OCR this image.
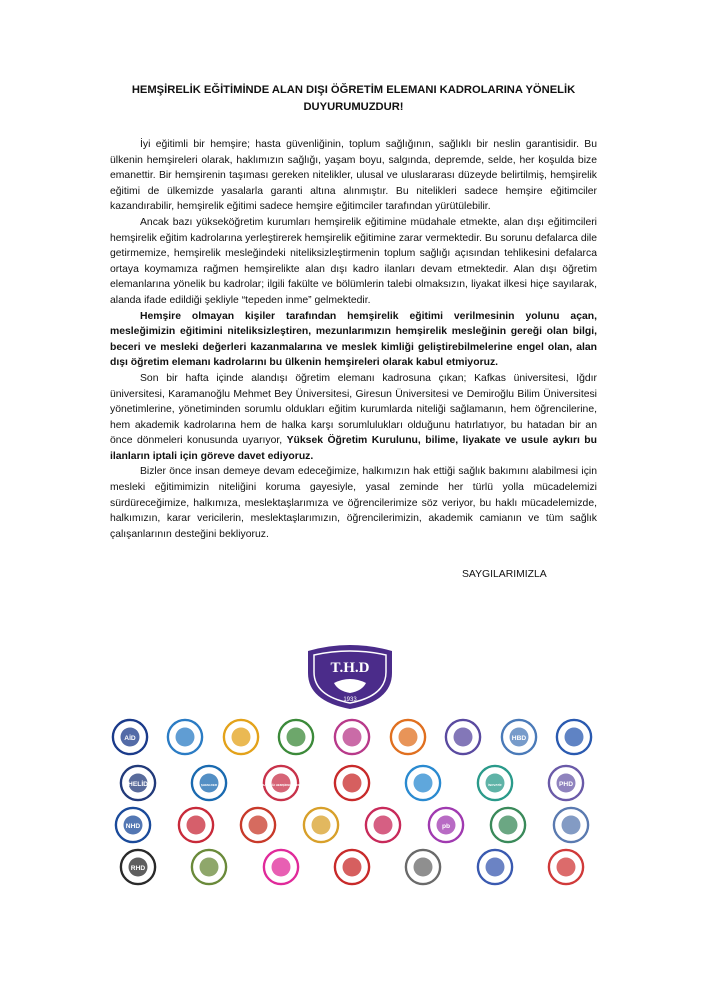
HEMŞİRELİK EĞİTİMİNDE ALAN DIŞI ÖĞRETİM ELEMANI KADROLARINA YÖNELİK
DUYURUMUZDUR!

İyi eğitimli bir hemşire; hasta güvenliğinin, toplum sağlığının, sağlıklı bir neslin garantisidir. Bu ülkenin hemşireleri olarak, haklımızın sağlığı, yaşam boyu, salgında, depremde, selde, her koşulda bize emanettir. Bir hemşirenin taşıması gereken nitelikler, ulusal ve uluslararası düzeyde belirtilmiş, hemşirelik eğitimi de ülkemizde yasalarla garanti altına alınmıştır. Bu nitelikleri sadece hemşire eğitimciler kazandırabilir, hemşirelik eğitimi sadece hemşire eğitimciler tarafından yürütülebilir.

Ancak bazı yükseköğretim kurumları hemşirelik eğitimine müdahale etmekte, alan dışı eğitimcileri hemşirelik eğitim kadrolarına yerleştirerek hemşirelik eğitimine zarar vermektedir. Bu sorunu defalarca dile getirmemize, hemşirelik mesleğindeki niteliksizleştirmenin toplum sağlığı açısından tehlikesini defalarca ortaya koymamıza rağmen hemşirelikte alan dışı kadro ilanları devam etmektedir. Alan dışı öğretim elemanlarına yönelik bu kadrolar; ilgili fakülte ve bölümlerin talebi olmaksızın, liyakat ilkesi hiçe sayılarak, alanda ifade edildiği şekliyle “tepeden inme” gelmektedir.

Hemşire olmayan kişiler tarafından hemşirelik eğitimi verilmesinin yolunu açan, mesleğimizin eğitimini niteliksizleştiren, mezunlarımızın hemşirelik mesleğinin gereği olan bilgi, beceri ve mesleki değerleri kazanmalarına ve meslek kimliği geliştirebilmelerine engel olan, alan dışı öğretim elemanı kadrolarını bu ülkenin hemşireleri olarak kabul etmiyoruz.

Son bir hafta içinde alandışı öğretim elemanı kadrosuna çıkan; Kafkas üniversitesi, Iğdır üniversitesi, Karamanoğlu Mehmet Bey Üniversitesi, Giresun Üniversitesi ve Demiroğlu Bilim Üniversitesi yönetimlerine, yönetiminden sorumlu oldukları eğitim kurumlarda niteliği sağlamanın, hem öğrencilerine, hem akademik kadrolarına hem de halka karşı sorumlulukları olduğunu hatırlatıyor, bu hatadan bir an önce dönmeleri konusunda uyarıyor, Yüksek Öğretim Kurulunu, bilime, liyakate ve usule aykırı bu ilanların iptali için göreve davet ediyoruz.

Bizler önce insan demeye devam edeceğimize, halkımızın hak ettiği sağlık bakımını alabilmesi için mesleki eğitimimizin niteliğini koruma gayesiyle, yasal zeminde her türlü yolla mücadelemizi sürdüreceğimize, halkımıza, meslektaşlarımıza ve öğrencilerimize söz veriyor, bu haklı mücadelemizde, halkımızın, karar vericilerin, meslektaşlarımızın, öğrencilerimizin, akademik camianın ve tüm sağlık çalışanlarının desteğini bekliyoruz.

SAYGILARIMIZLA
T.H.D
1933
AİD	HBD
HELİD	ŞHEM-DER	KADIN SAĞLIĞI HEMŞİRELİĞİ DERNEĞİ	İNOVATİF	PHD
NHD	pb
RHD
